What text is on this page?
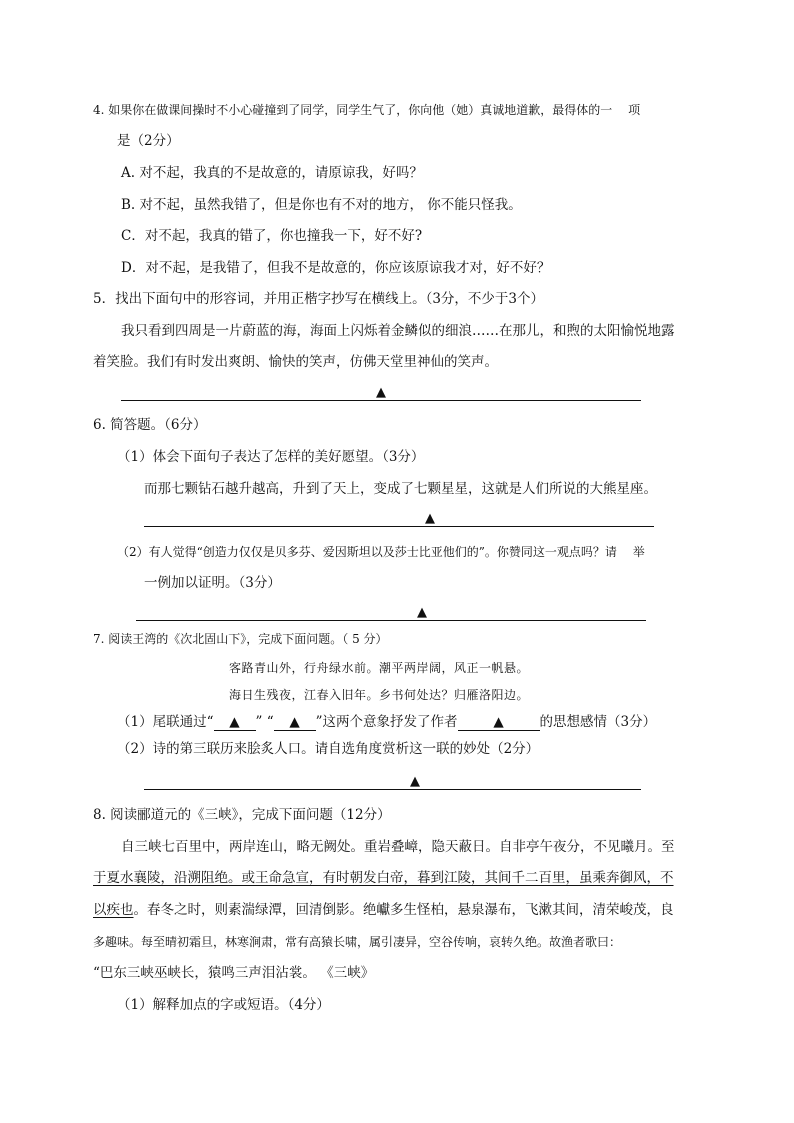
4. 如果你在做课间操时不小心碰撞到了同学，同学生气了，你向他（她）真诚地道歉，最得体的一　 项
是（2分）
A. 对不起，我真的不是故意的，请原谅我，好吗？
B. 对不起，虽然我错了，但是你也有不对的地方， 你不能只怪我。
C．对不起，我真的错了，你也撞我一下，好不好?
D．对不起，是我错了，但我不是故意的，你应该原谅我才对，好不好？
5．找出下面句中的形容词，并用正楷字抄写在横线上。（3分，不少于3个）
我只看到四周是一片蔚蓝的海，海面上闪烁着金鳞似的细浪……在那儿，和煦的太阳愉悦地露
着笑脸。我们有时发出爽朗、愉快的笑声，仿佛天堂里神仙的笑声。
▲
6. 简答题。（6分）
（1）体会下面句子表达了怎样的美好愿望。（3分）
而那七颗钻石越升越高，升到了天上，变成了七颗星星，这就是人们所说的大熊星座。
▲
（2）有人觉得“创造力仅仅是贝多芬、爱因斯坦以及莎士比亚他们的”。你赞同这一观点吗？请　 举
一例加以证明。（3分）
▲
7. 阅读王湾的《次北固山下》，完成下面问题。（ 5 分）
客路青山外，行舟绿水前。潮平两岸阔，风正一帆悬。
海日生残夜，江春入旧年。乡书何处达？归雁洛阳边。
（1）尾联通过“ ▲ ” “ ▲ ”这两个意象抒发了作者	▲	的思想感情（3分）
（2）诗的第三联历来脍炙人口。请自选角度赏析这一联的妙处（2分）
▲
8. 阅读郦道元的《三峡》，完成下面问题（12分）
自三峡七百里中，两岸连山，略无阙处。重岩叠嶂，隐天蔽日。自非亭午夜分，不见曦月。至
于夏水襄陵，沿溯阻绝。或王命急宣，有时朝发白帝，暮到江陵，其间千二百里，虽乘奔御风，不
以疾也。春冬之时，则素湍绿潭，回清倒影。绝巘多生怪柏，悬泉瀑布，飞漱其间，清荣峻茂，良
多趣味。每至晴初霜旦，林寒涧肃，常有高猿长啸，属引凄异，空谷传响，哀转久绝。故渔者歌曰：
“巴东三峡巫峡长，猿鸣三声泪沾裳。 《三峡》
（1）解释加点的字或短语。（4分）
